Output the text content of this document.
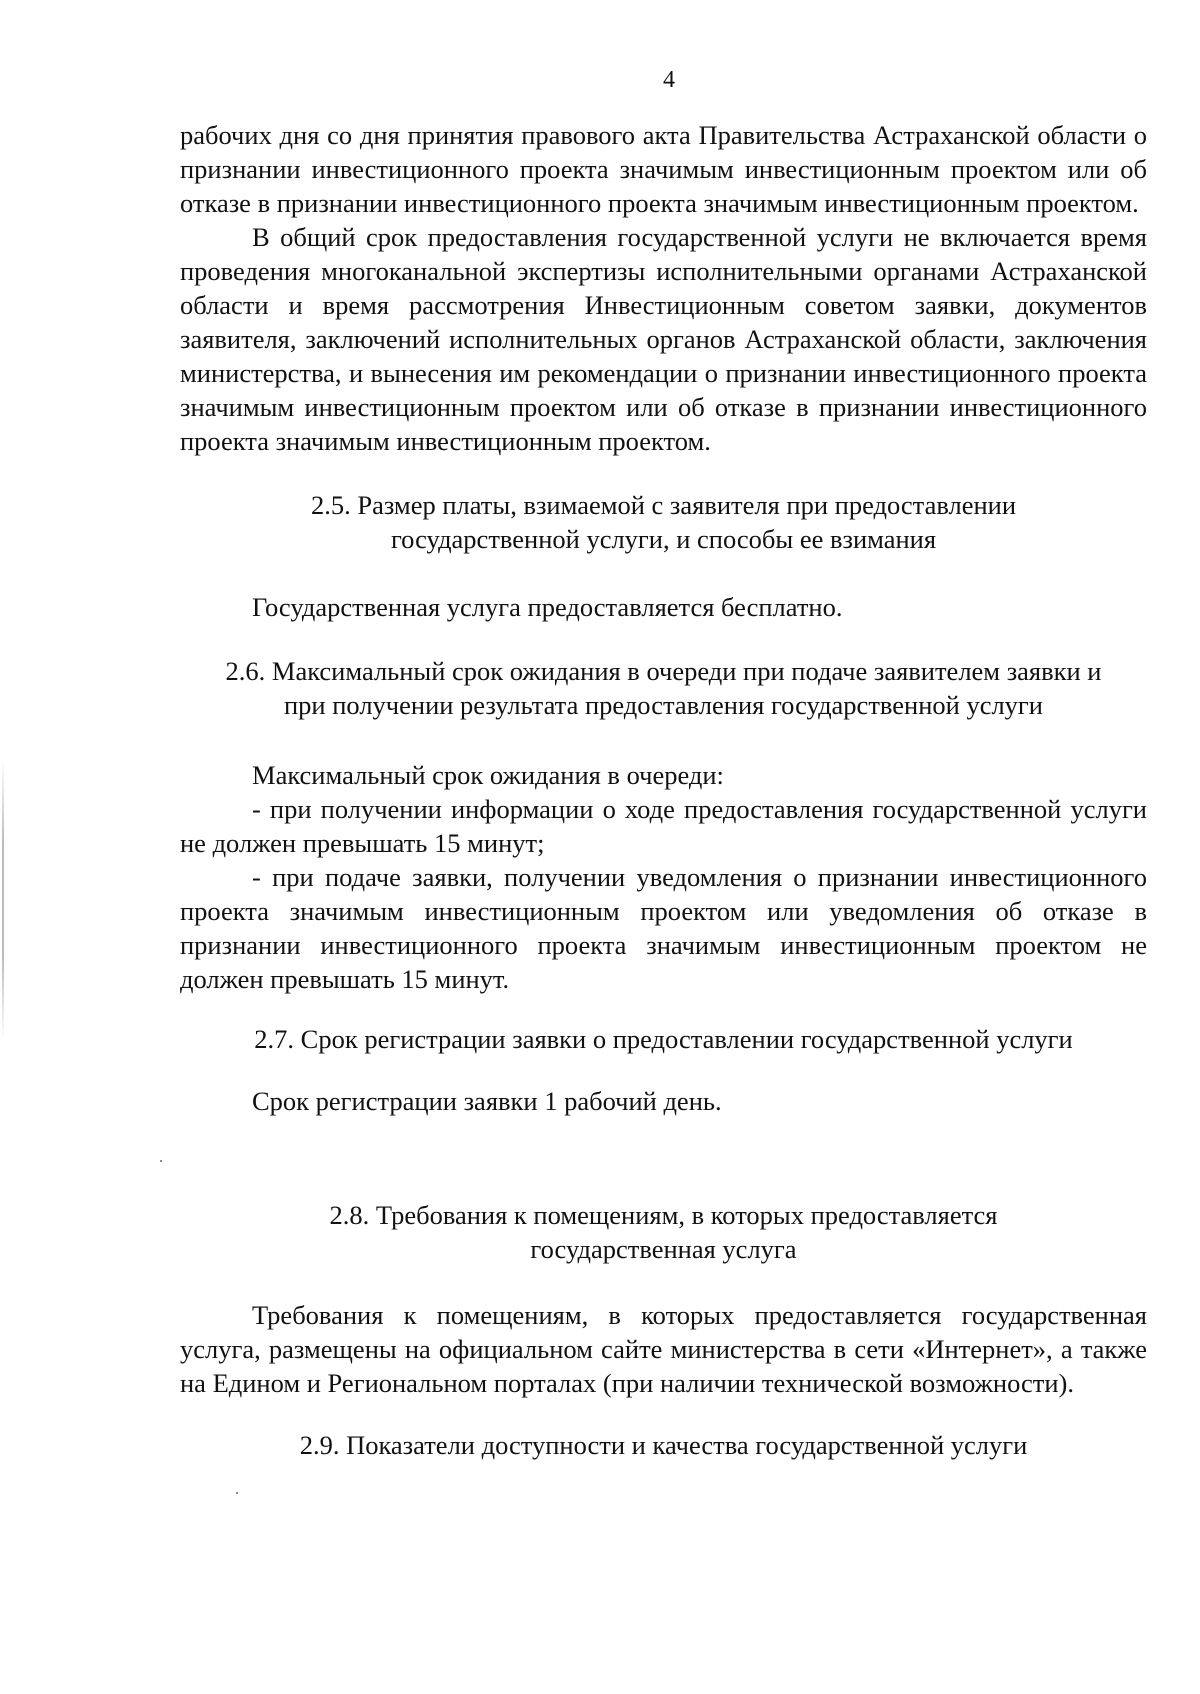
4

рабочих дня со дня принятия правового акта Правительства Астраханской области о признании инвестиционного проекта значимым инвестиционным проектом или об отказе в признании инвестиционного проекта значимым инвестиционным проектом.

В общий срок предоставления государственной услуги не включается время проведения многоканальной экспертизы исполнительными органами Астраханской области и время рассмотрения Инвестиционным советом заявки, документов заявителя, заключений исполнительных органов Астраханской области, заключения министерства, и вынесения им рекомендации о признании инвестиционного проекта значимым инвестиционным проектом или об отказе в признании инвестиционного проекта значимым инвестиционным проектом.

2.5. Размер платы, взимаемой с заявителя при предоставлении

государственной услуги, и способы ее взимания

Государственная услуга предоставляется бесплатно.

2.6. Максимальный срок ожидания в очереди при подаче заявителем заявки и

при получении результата предоставления государственной услуги

Максимальный срок ожидания в очереди:

- при получении информации о ходе предоставления государственной услуги не должен превышать 15 минут;

- при подаче заявки, получении уведомления о признании инвестиционного проекта значимым инвестиционным проектом или уведомления об отказе в признании инвестиционного проекта значимым инвестиционным проектом не должен превышать 15 минут.

2.7. Срок регистрации заявки о предоставлении государственной услуги

Срок регистрации заявки 1 рабочий день.

2.8. Требования к помещениям, в которых предоставляется

государственная услуга

Требования к помещениям, в которых предоставляется государственная услуга, размещены на официальном сайте министерства в сети «Интернет», а также на Едином и Региональном порталах (при наличии технической возможности).

2.9. Показатели доступности и качества государственной услуги
